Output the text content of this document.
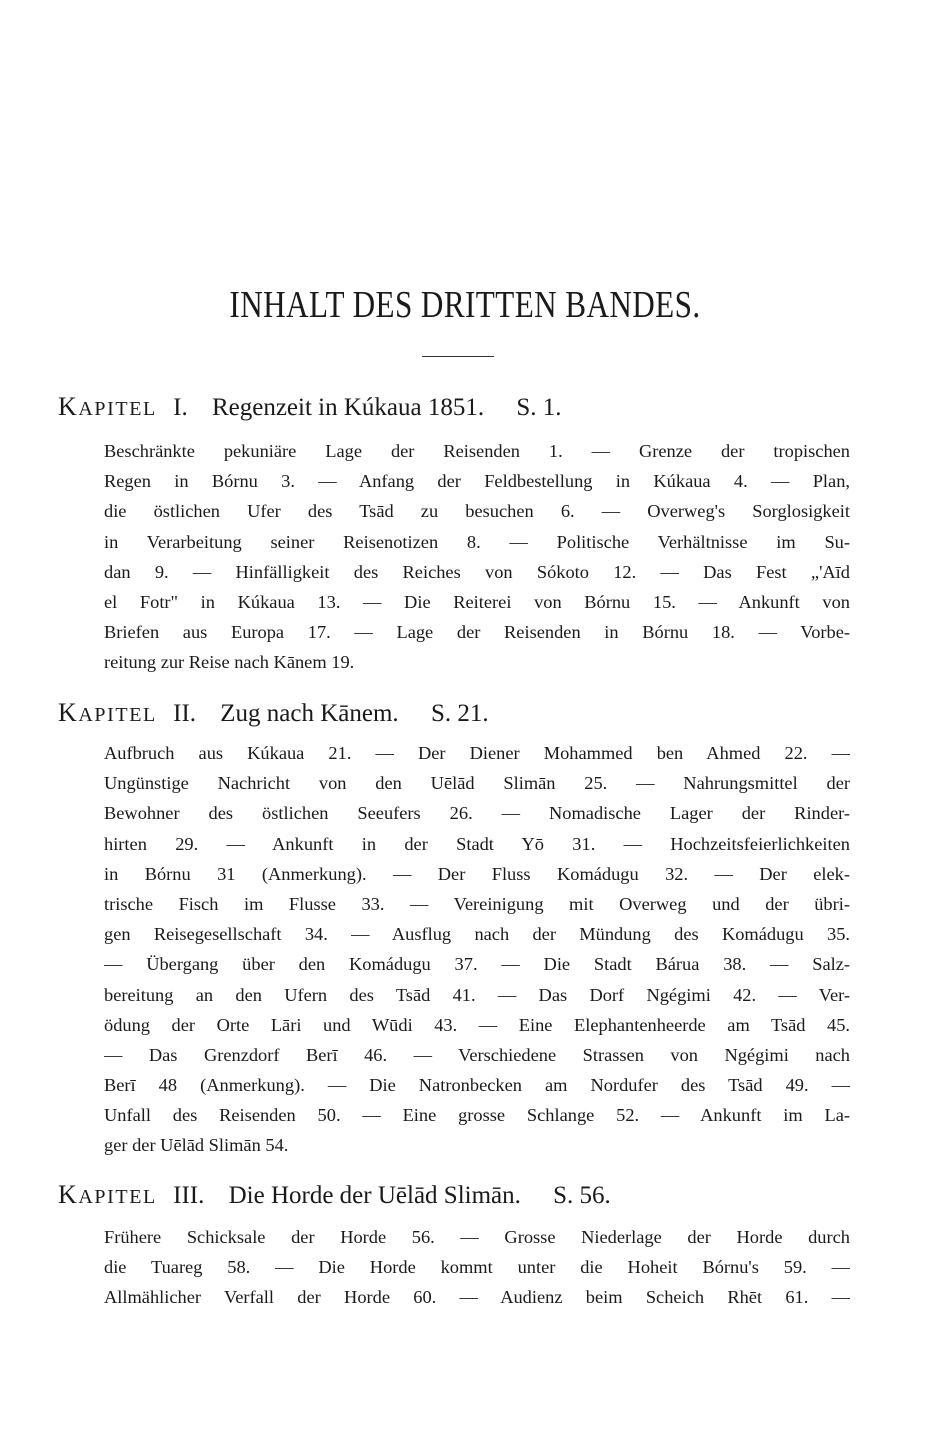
INHALT DES DRITTEN BANDES.
KAPITEL I. Regenzeit in Kúkaua 1851. S. 1.
Beschränkte pekuniäre Lage der Reisenden 1. — Grenze der tropischen
Regen in Bórnu 3. — Anfang der Feldbestellung in Kúkaua 4. — Plan,
die östlichen Ufer des Tsād zu besuchen 6. — Overweg's Sorglosigkeit
in Verarbeitung seiner Reisenotizen 8. — Politische Verhältnisse im Su-
dan 9. — Hinfälligkeit des Reiches von Sókoto 12. — Das Fest „'Aīd
el Fotr" in Kúkaua 13. — Die Reiterei von Bórnu 15. — Ankunft von
Briefen aus Europa 17. — Lage der Reisenden in Bórnu 18. — Vorbe-
reitung zur Reise nach Kānem 19.
KAPITEL II. Zug nach Kānem. S. 21.
Aufbruch aus Kúkaua 21. — Der Diener Mohammed ben Ahmed 22. —
Ungünstige Nachricht von den Uēlād Slimān 25. — Nahrungsmittel der
Bewohner des östlichen Seeufers 26. — Nomadische Lager der Rinder-
hirten 29. — Ankunft in der Stadt Yō 31. — Hochzeitsfeierlichkeiten
in Bórnu 31 (Anmerkung). — Der Fluss Komádugu 32. — Der elek-
trische Fisch im Flusse 33. — Vereinigung mit Overweg und der übri-
gen Reisegesellschaft 34. — Ausflug nach der Mündung des Komádugu 35.
— Übergang über den Komádugu 37. — Die Stadt Bárua 38. — Salz-
bereitung an den Ufern des Tsād 41. — Das Dorf Ngégimi 42. — Ver-
ödung der Orte Lāri und Wūdi 43. — Eine Elephantenheerde am Tsād 45.
— Das Grenzdorf Berī 46. — Verschiedene Strassen von Ngégimi nach
Berī 48 (Anmerkung). — Die Natronbecken am Nordufer des Tsād 49. —
Unfall des Reisenden 50. — Eine grosse Schlange 52. — Ankunft im La-
ger der Uēlād Slimān 54.
KAPITEL III. Die Horde der Uēlād Slimān. S. 56.
Frühere Schicksale der Horde 56. — Grosse Niederlage der Horde durch
die Tuareg 58. — Die Horde kommt unter die Hoheit Bórnu's 59. —
Allmählicher Verfall der Horde 60. — Audienz beim Scheich Rhēt 61. —
